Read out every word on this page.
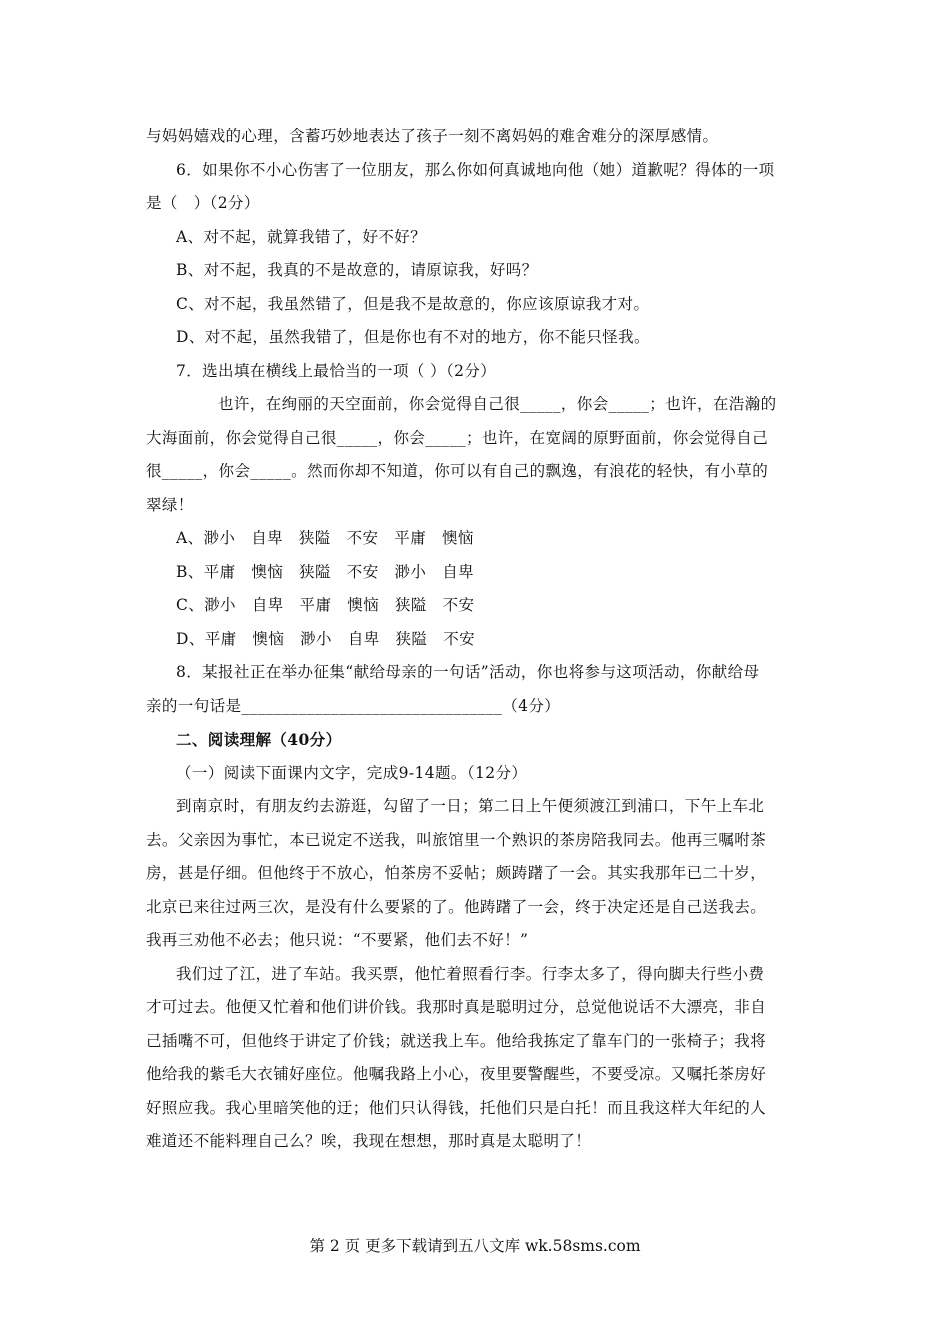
与妈妈嬉戏的心理，含蓄巧妙地表达了孩子一刻不离妈妈的难舍难分的深厚感情。
6．如果你不小心伤害了一位朋友，那么你如何真诚地向他（她）道歉呢？得体的一项
是（　）（2分）
A、对不起，就算我错了，好不好？
B、对不起，我真的不是故意的，请原谅我，好吗？
C、对不起，我虽然错了，但是我不是故意的，你应该原谅我才对。
D、对不起，虽然我错了，但是你也有不对的地方，你不能只怪我。
7．选出填在横线上最恰当的一项（ ）（2分）
也许，在绚丽的天空面前，你会觉得自己很_____，你会_____；也许，在浩瀚的
大海面前，你会觉得自己很_____，你会_____；也许，在宽阔的原野面前，你会觉得自己
很_____，你会_____。然而你却不知道，你可以有自己的飘逸，有浪花的轻快，有小草的
翠绿！
A、渺小　自卑　狭隘　不安　平庸　懊恼
B、平庸　懊恼　狭隘　不安　渺小　自卑
C、渺小　自卑　平庸　懊恼　狭隘　不安
D、平庸　懊恼　渺小　自卑　狭隘　不安
8．某报社正在举办征集“献给母亲的一句话”活动，你也将参与这项活动，你献给母
亲的一句话是________________________________（4分）
二、阅读理解（40分）
（一）阅读下面课内文字，完成9-14题。（12分）
到南京时，有朋友约去游逛，勾留了一日；第二日上午便须渡江到浦口，下午上车北
去。父亲因为事忙，本已说定不送我，叫旅馆里一个熟识的茶房陪我同去。他再三嘱咐茶
房，甚是仔细。但他终于不放心，怕茶房不妥帖；颇踌躇了一会。其实我那年已二十岁，
北京已来往过两三次，是没有什么要紧的了。他踌躇了一会，终于决定还是自己送我去。
我再三劝他不必去；他只说：“不要紧，他们去不好！”
我们过了江，进了车站。我买票，他忙着照看行李。行李太多了，得向脚夫行些小费
才可过去。他便又忙着和他们讲价钱。我那时真是聪明过分，总觉他说话不大漂亮，非自
己插嘴不可，但他终于讲定了价钱；就送我上车。他给我拣定了靠车门的一张椅子；我将
他给我的紫毛大衣铺好座位。他嘱我路上小心，夜里要警醒些，不要受凉。又嘱托茶房好
好照应我。我心里暗笑他的迂；他们只认得钱，托他们只是白托！而且我这样大年纪的人
难道还不能料理自己么？唉，我现在想想，那时真是太聪明了！
第 2 页 更多下载请到五八文库 wk.58sms.com
